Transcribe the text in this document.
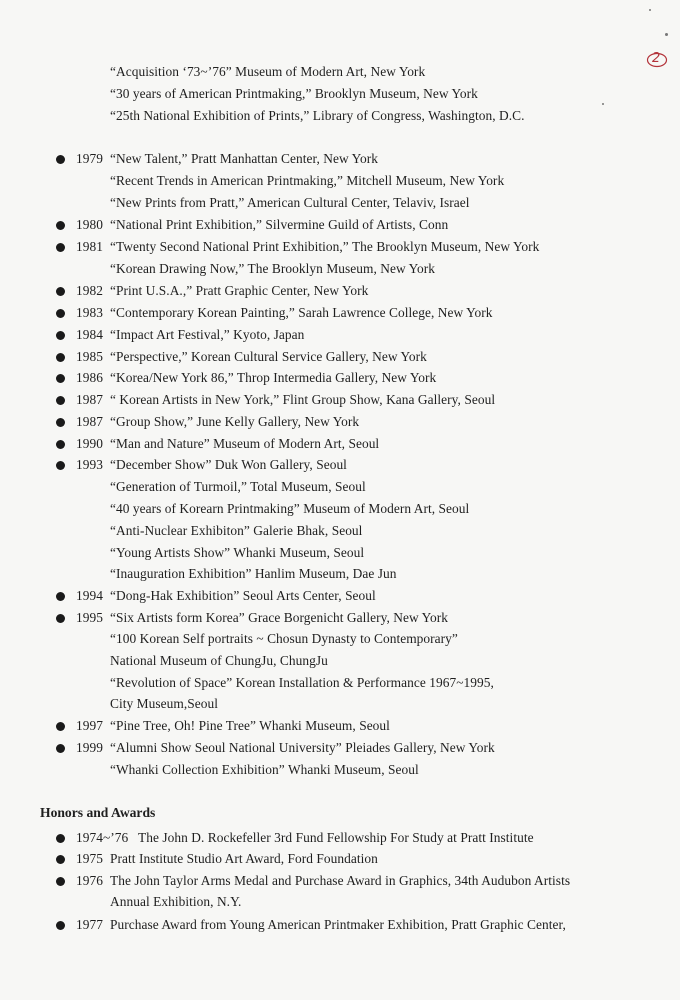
2
“Acquisition ‘73~’76” Museum of Modern Art, New York
“30 years of American Printmaking,” Brooklyn Museum, New York
“25th National Exhibition of Prints,” Library of Congress, Washington, D.C.
1979 “New Talent,” Pratt Manhattan Center, New York
“Recent Trends in American Printmaking,” Mitchell Museum, New York
“New Prints from Pratt,” American Cultural Center, Telaviv, Israel
1980 “National Print Exhibition,” Silvermine Guild of Artists, Conn
1981 “Twenty Second National Print Exhibition,” The Brooklyn Museum, New York
“Korean Drawing Now,” The Brooklyn Museum, New York
1982 “Print U.S.A.,” Pratt Graphic Center, New York
1983 “Contemporary Korean Painting,” Sarah Lawrence College, New York
1984 “Impact Art Festival,” Kyoto, Japan
1985 “Perspective,” Korean Cultural Service Gallery, New York
1986 “Korea/New York 86,” Throp Intermedia Gallery, New York
1987 “ Korean Artists in New York,” Flint Group Show, Kana Gallery, Seoul
1987 “Group Show,” June Kelly Gallery, New York
1990 “Man and Nature” Museum of Modern Art, Seoul
1993 “December Show” Duk Won Gallery, Seoul
“Generation of Turmoil,” Total Museum, Seoul
“40 years of Korearn Printmaking” Museum of Modern Art, Seoul
“Anti-Nuclear Exhibiton” Galerie Bhak, Seoul
“Young Artists Show” Whanki Museum, Seoul
“Inauguration Exhibition” Hanlim Museum, Dae Jun
1994 “Dong-Hak Exhibition” Seoul Arts Center, Seoul
1995 “Six Artists form Korea” Grace Borgenicht Gallery, New York
“100 Korean Self portraits ~ Chosun Dynasty to Contemporary”
National Museum of ChungJu, ChungJu
“Revolution of Space” Korean Installation & Performance 1967~1995,
City Museum,Seoul
1997 “Pine Tree, Oh! Pine Tree” Whanki Museum, Seoul
1999 “Alumni Show Seoul National University” Pleiades Gallery, New York
“Whanki Collection Exhibition” Whanki Museum, Seoul
Honors and Awards
1974~’76 The John D. Rockefeller 3rd Fund Fellowship For Study at Pratt Institute
1975 Pratt Institute Studio Art Award, Ford Foundation
1976 The John Taylor Arms Medal and Purchase Award in Graphics, 34th Audubon Artists
Annual Exhibition, N.Y.
1977 Purchase Award from Young American Printmaker Exhibition, Pratt Graphic Center,
